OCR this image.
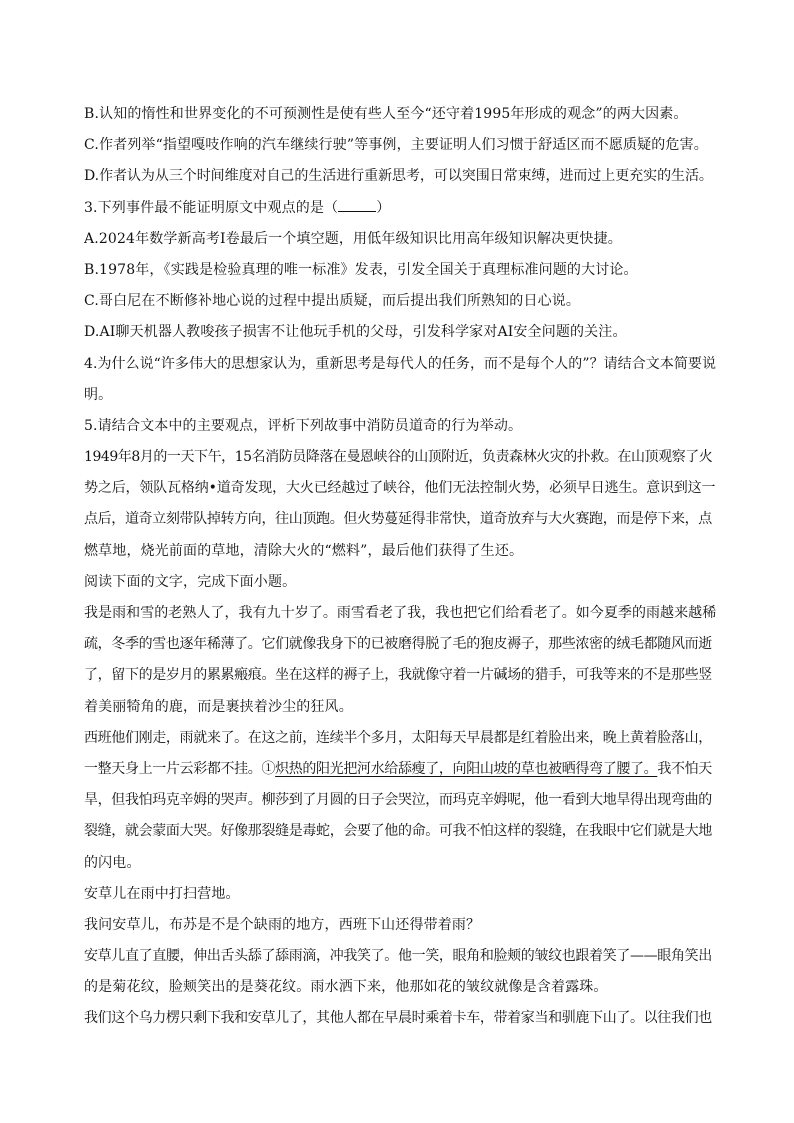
B.认知的惰性和世界变化的不可预测性是使有些人至今“还守着1995年形成的观念”的两大因素。
C.作者列举“指望嘎吱作响的汽车继续行驶”等事例，主要证明人们习惯于舒适区而不愿质疑的危害。
D.作者认为从三个时间维度对自己的生活进行重新思考，可以突围日常束缚，进而过上更充实的生活。
3.下列事件最不能证明原文中观点的是（	）
A.2024年数学新高考Ⅰ卷最后一个填空题，用低年级知识比用高年级知识解决更快捷。
B.1978年，《实践是检验真理的唯一标准》发表，引发全国关于真理标准问题的大讨论。
C.哥白尼在不断修补地心说的过程中提出质疑，而后提出我们所熟知的日心说。
D.AI聊天机器人教唆孩子损害不让他玩手机的父母，引发科学家对AI安全问题的关注。
4.为什么说“许多伟大的思想家认为，重新思考是每代人的任务，而不是每个人的”？请结合文本简要说
明。
5.请结合文本中的主要观点，评析下列故事中消防员道奇的行为举动。
1949年8月的一天下午，15名消防员降落在曼恩峡谷的山顶附近，负责森林火灾的扑救。在山顶观察了火
势之后，领队瓦格纳•道奇发现，大火已经越过了峡谷，他们无法控制火势，必须早日逃生。意识到这一
点后，道奇立刻带队掉转方向，往山顶跑。但火势蔓延得非常快，道奇放弃与大火赛跑，而是停下来，点
燃草地，烧光前面的草地，清除大火的“燃料”，最后他们获得了生还。
阅读下面的文字，完成下面小题。
我是雨和雪的老熟人了，我有九十岁了。雨雪看老了我，我也把它们给看老了。如今夏季的雨越来越稀
疏，冬季的雪也逐年稀薄了。它们就像我身下的已被磨得脱了毛的狍皮褥子，那些浓密的绒毛都随风而逝
了，留下的是岁月的累累瘢痕。坐在这样的褥子上，我就像守着一片碱场的猎手，可我等来的不是那些竖
着美丽犄角的鹿，而是裹挟着沙尘的狂风。
西班他们刚走，雨就来了。在这之前，连续半个多月，太阳每天早晨都是红着脸出来，晚上黄着脸落山，
一整天身上一片云彩都不挂。①炽热的阳光把河水给舔瘦了，向阳山坡的草也被晒得弯了腰了。我不怕天
旱，但我怕玛克辛姆的哭声。柳莎到了月圆的日子会哭泣，而玛克辛姆呢，他一看到大地旱得出现弯曲的
裂缝，就会蒙面大哭。好像那裂缝是毒蛇，会要了他的命。可我不怕这样的裂缝，在我眼中它们就是大地
的闪电。
安草儿在雨中打扫营地。
我问安草儿，布苏是不是个缺雨的地方，西班下山还得带着雨？
安草儿直了直腰，伸出舌头舔了舔雨滴，冲我笑了。他一笑，眼角和脸颊的皱纹也跟着笑了——眼角笑出
的是菊花纹，脸颊笑出的是葵花纹。雨水洒下来，他那如花的皱纹就像是含着露珠。
我们这个乌力楞只剩下我和安草儿了，其他人都在早晨时乘着卡车，带着家当和驯鹿下山了。以往我们也
